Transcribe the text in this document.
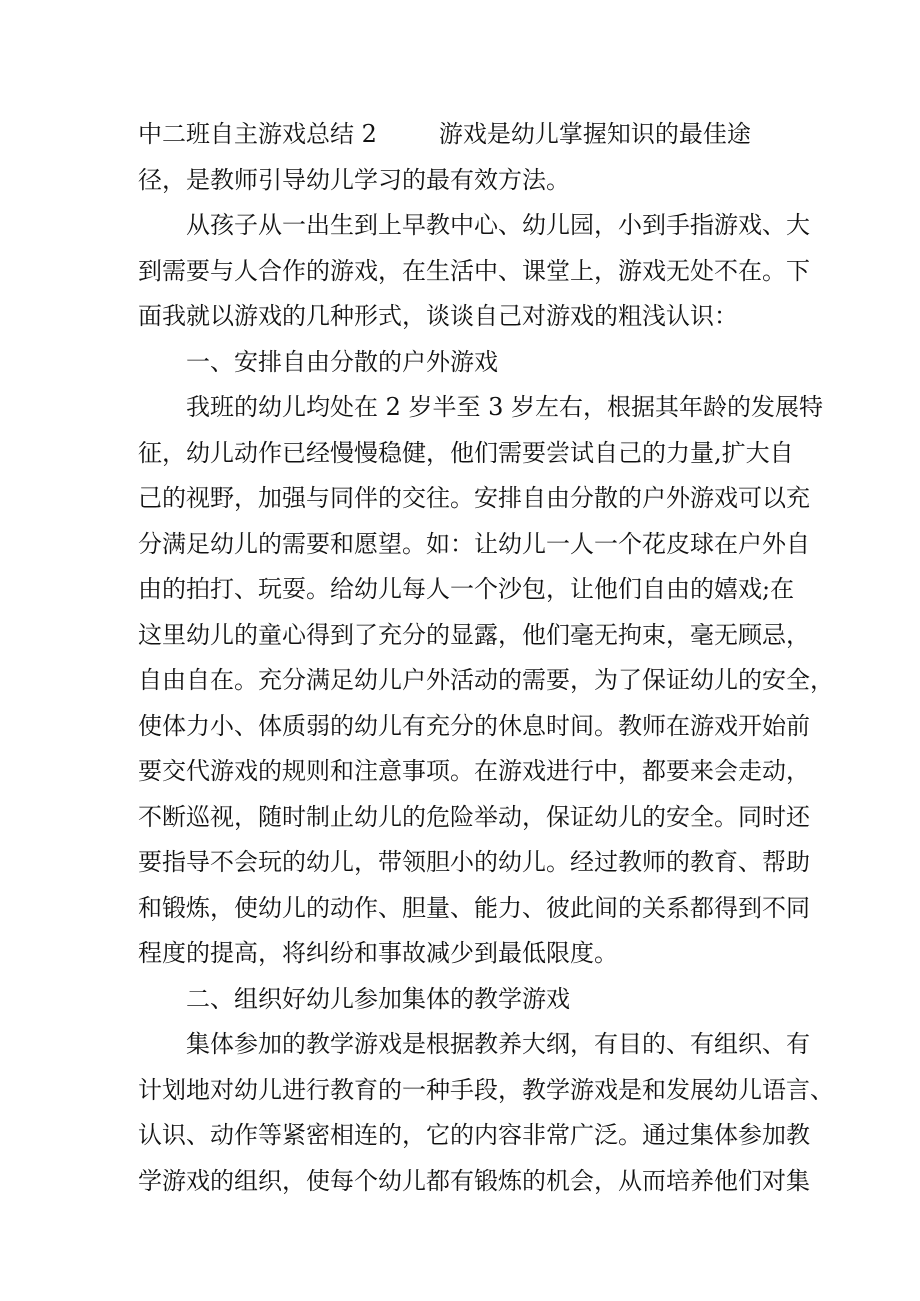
中二班自主游戏总结 2	游戏是幼儿掌握知识的最佳途
径，是教师引导幼儿学习的最有效方法。
从孩子从一出生到上早教中心、幼儿园，小到手指游戏、大
到需要与人合作的游戏，在生活中、课堂上，游戏无处不在。下
面我就以游戏的几种形式，谈谈自己对游戏的粗浅认识：
一、安排自由分散的户外游戏
我班的幼儿均处在 2 岁半至 3 岁左右，根据其年龄的发展特
征，幼儿动作已经慢慢稳健，他们需要尝试自己的力量,扩大自
己的视野，加强与同伴的交往。安排自由分散的户外游戏可以充
分满足幼儿的需要和愿望。如：让幼儿一人一个花皮球在户外自
由的拍打、玩耍。给幼儿每人一个沙包，让他们自由的嬉戏;在
这里幼儿的童心得到了充分的显露，他们毫无拘束，毫无顾忌，
自由自在。充分满足幼儿户外活动的需要，为了保证幼儿的安全，
使体力小、体质弱的幼儿有充分的休息时间。教师在游戏开始前
要交代游戏的规则和注意事项。在游戏进行中，都要来会走动，
不断巡视，随时制止幼儿的危险举动，保证幼儿的安全。同时还
要指导不会玩的幼儿，带领胆小的幼儿。经过教师的教育、帮助
和锻炼，使幼儿的动作、胆量、能力、彼此间的关系都得到不同
程度的提高，将纠纷和事故减少到最低限度。
二、组织好幼儿参加集体的教学游戏
集体参加的教学游戏是根据教养大纲，有目的、有组织、有
计划地对幼儿进行教育的一种手段，教学游戏是和发展幼儿语言、
认识、动作等紧密相连的，它的内容非常广泛。通过集体参加教
学游戏的组织，使每个幼儿都有锻炼的机会，从而培养他们对集
